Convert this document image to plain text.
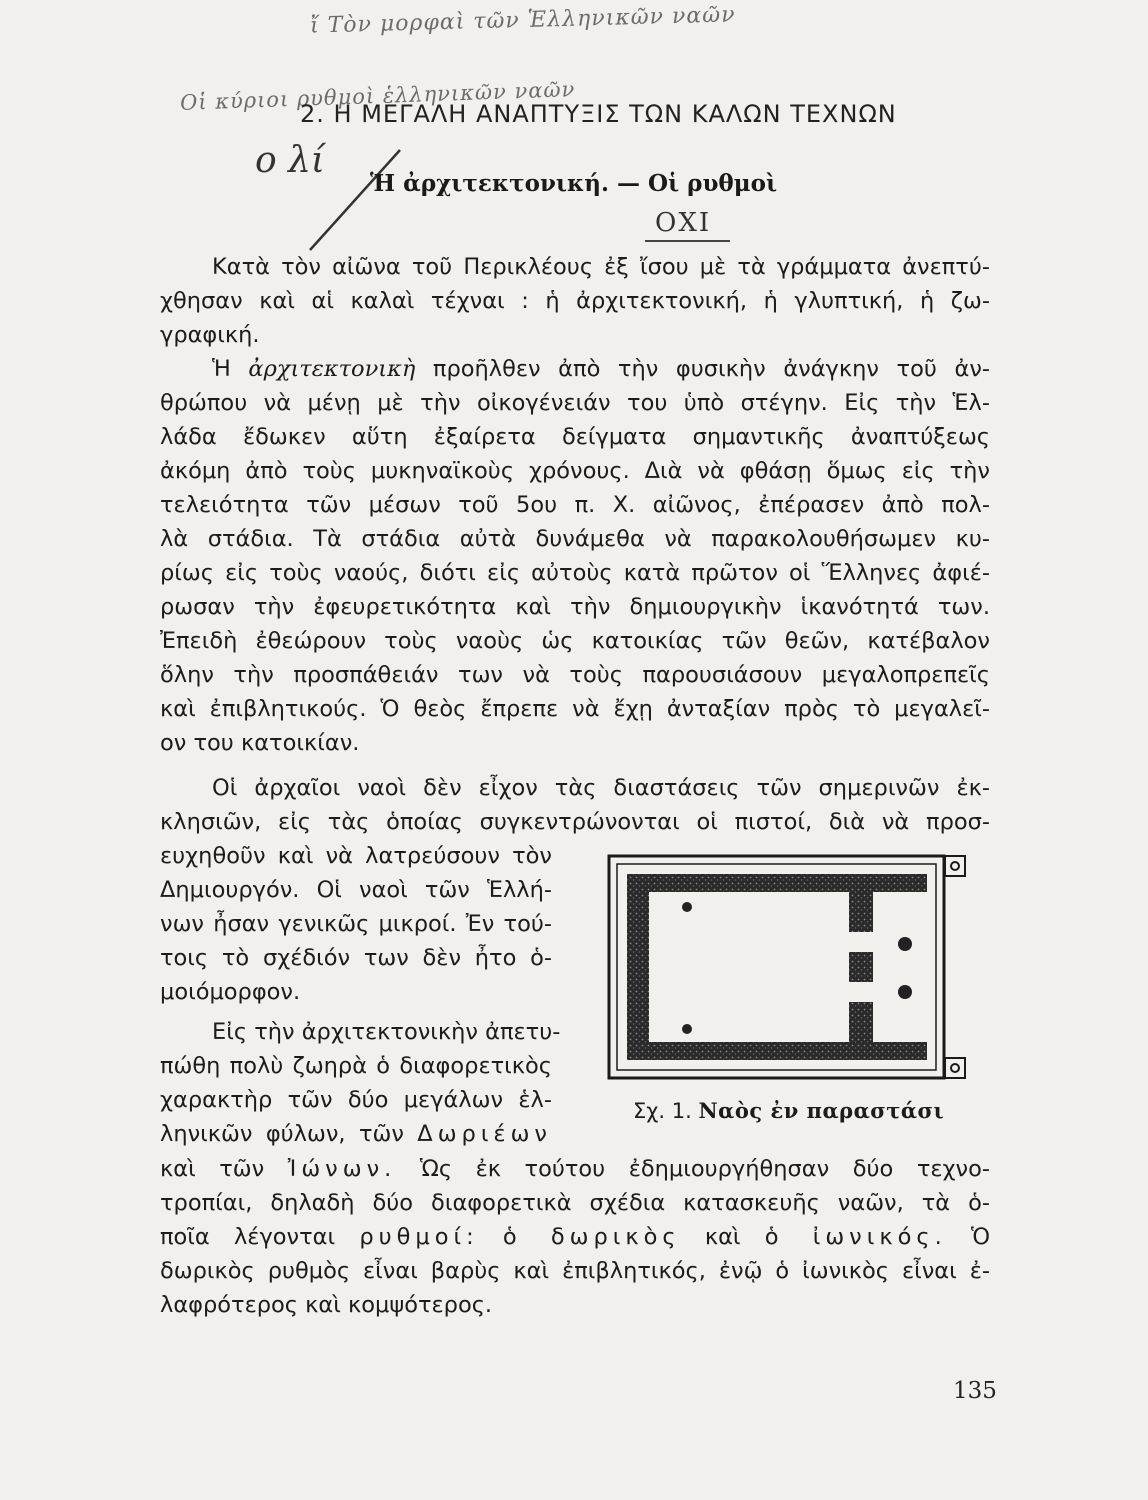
ἴ Τὸν μορφαὶ τῶν Ἑλληνικῶν ναῶν
Οἱ κύριοι ρυθμοὶ ἑλληνικῶν ναῶν
2. Η ΜΕΓΑΛΗ ΑΝΑΠΤΥΞΙΣ ΤΩΝ ΚΑΛΩΝ ΤΕΧΝΩΝ
ο λί
Ἡ ἀρχιτεκτονική. — Οἱ ρυθμοὶ
ΟΧΙ
Κατὰ τὸν αἰῶνα τοῦ Περικλέους ἐξ ἴσου μὲ τὰ γράμματα ἀνεπτύ-
χθησαν καὶ αἱ καλαὶ τέχναι : ἡ ἀρχιτεκτονική, ἡ γλυπτική, ἡ ζω-
γραφική.
Ἡ ἀρχιτεκτονικὴ προῆλθεν ἀπὸ τὴν φυσικὴν ἀνάγκην τοῦ ἀν-
θρώπου νὰ μένῃ μὲ τὴν οἰκογένειάν του ὑπὸ στέγην. Εἰς τὴν Ἑλ-
λάδα ἔδωκεν αὕτη ἐξαίρετα δείγματα σημαντικῆς ἀναπτύξεως
ἀκόμη ἀπὸ τοὺς μυκηναϊκοὺς χρόνους. Διὰ νὰ φθάσῃ ὅμως εἰς τὴν
τελειότητα τῶν μέσων τοῦ 5ου π. Χ. αἰῶνος, ἐπέρασεν ἀπὸ πολ-
λὰ στάδια. Τὰ στάδια αὐτὰ δυνάμεθα νὰ παρακολουθήσωμεν κυ-
ρίως εἰς τοὺς ναούς, διότι εἰς αὐτοὺς κατὰ πρῶτον οἱ Ἕλληνες ἀφιέ-
ρωσαν τὴν ἐφευρετικότητα καὶ τὴν δημιουργικὴν ἱκανότητά των.
Ἐπειδὴ ἐθεώρουν τοὺς ναοὺς ὡς κατοικίας τῶν θεῶν, κατέβαλον
ὅλην τὴν προσπάθειάν των νὰ τοὺς παρουσιάσουν μεγαλοπρεπεῖς
καὶ ἐπιβλητικούς. Ὁ θεὸς ἔπρεπε νὰ ἔχῃ ἀνταξίαν πρὸς τὸ μεγαλεῖ-
ον του κατοικίαν.
Οἱ ἀρχαῖοι ναοὶ δὲν εἶχον τὰς διαστάσεις τῶν σημερινῶν ἐκ-
κλησιῶν, εἰς τὰς ὁποίας συγκεντρώνονται οἱ πιστοί, διὰ νὰ προσ-
ευχηθοῦν καὶ νὰ λατρεύσουν τὸν
Δημιουργόν. Οἱ ναοὶ τῶν Ἑλλή-
νων ἦσαν γενικῶς μικροί. Ἐν τού-
τοις τὸ σχέδιόν των δὲν ἦτο ὁ-
μοιόμορφον.
Εἰς τὴν ἀρχιτεκτονικὴν ἀπετυ-
πώθη πολὺ ζωηρὰ ὁ διαφορετικὸς
χαρακτὴρ τῶν δύο μεγάλων ἑλ-
ληνικῶν φύλων, τῶν Δωριέων
καὶ τῶν Ἰώνων. Ὡς ἐκ τούτου ἐδημιουργήθησαν δύο τεχνο-
τροπίαι, δηλαδὴ δύο διαφορετικὰ σχέδια κατασκευῆς ναῶν, τὰ ὁ-
ποῖα λέγονται ρυθμοί: ὁ δωρικὸς καὶ ὁ ἰωνικός. Ὁ
δωρικὸς ρυθμὸς εἶναι βαρὺς καὶ ἐπιβλητικός, ἐνῷ ὁ ἰωνικὸς εἶναι ἐ-
λαφρότερος καὶ κομψότερος.
Σχ. 1. Ναὸς ἐν παραστάσι
135
